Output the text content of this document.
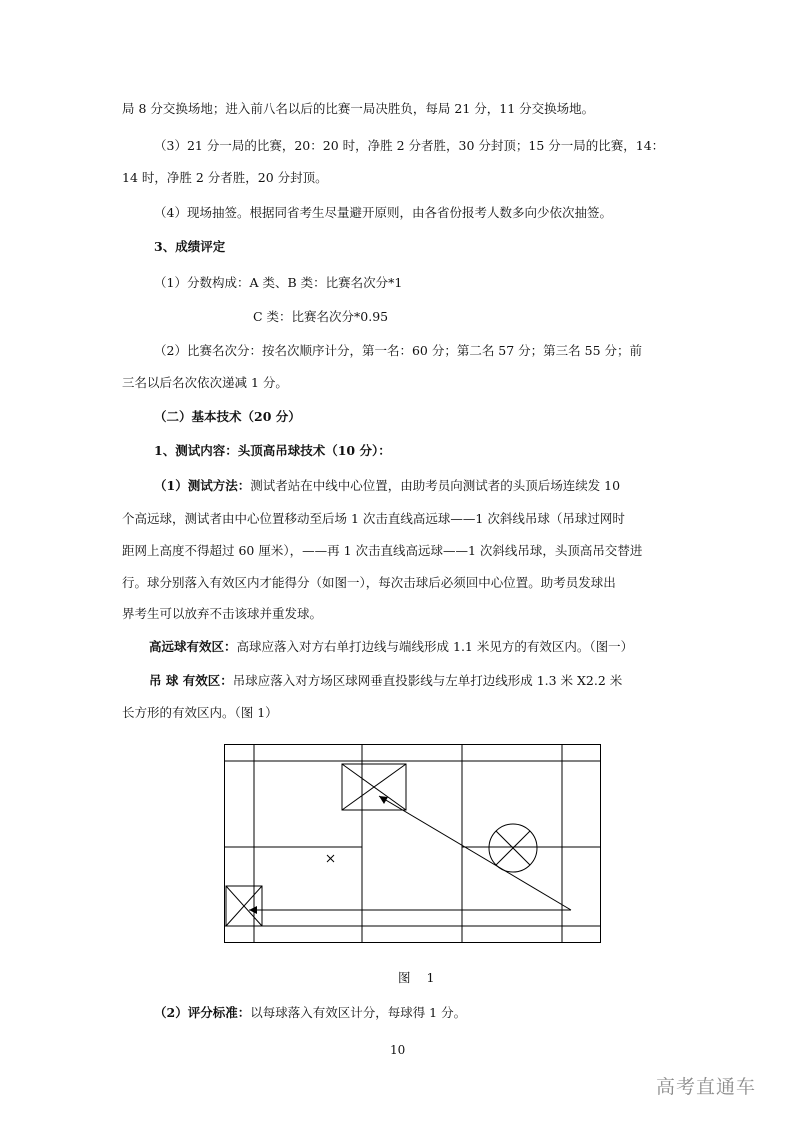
局 8 分交换场地；进入前八名以后的比赛一局决胜负，每局 21 分，11 分交换场地。
（3）21 分一局的比赛，20：20 时，净胜 2 分者胜，30 分封顶；15 分一局的比赛，14：
14 时，净胜 2 分者胜，20 分封顶。
（4）现场抽签。根据同省考生尽量避开原则，由各省份报考人数多向少依次抽签。
3、成绩评定
（1）分数构成：A 类、B 类：比赛名次分*1
C 类：比赛名次分*0.95
（2）比赛名次分：按名次顺序计分，第一名：60 分；第二名 57 分；第三名 55 分；前
三名以后名次依次递减 1 分。
（二）基本技术（20 分）
1、测试内容：头顶高吊球技术（10 分）：
（1）测试方法：测试者站在中线中心位置，由助考员向测试者的头顶后场连续发 10
个高远球，测试者由中心位置移动至后场 1 次击直线高远球——1 次斜线吊球（吊球过网时
距网上高度不得超过 60 厘米），——再 1 次击直线高远球——1 次斜线吊球，头顶高吊交替进
行。球分别落入有效区内才能得分（如图一），每次击球后必须回中心位置。助考员发球出
界考生可以放弃不击该球并重发球。
高远球有效区：高球应落入对方右单打边线与端线形成 1.1 米见方的有效区内。（图一）
吊 球 有效区：吊球应落入对方场区球网垂直投影线与左单打边线形成 1.3 米 X2.2 米
长方形的有效区内。（图 1）
图 1
（2）评分标准：以每球落入有效区计分，每球得 1 分。
10
高考直通车
